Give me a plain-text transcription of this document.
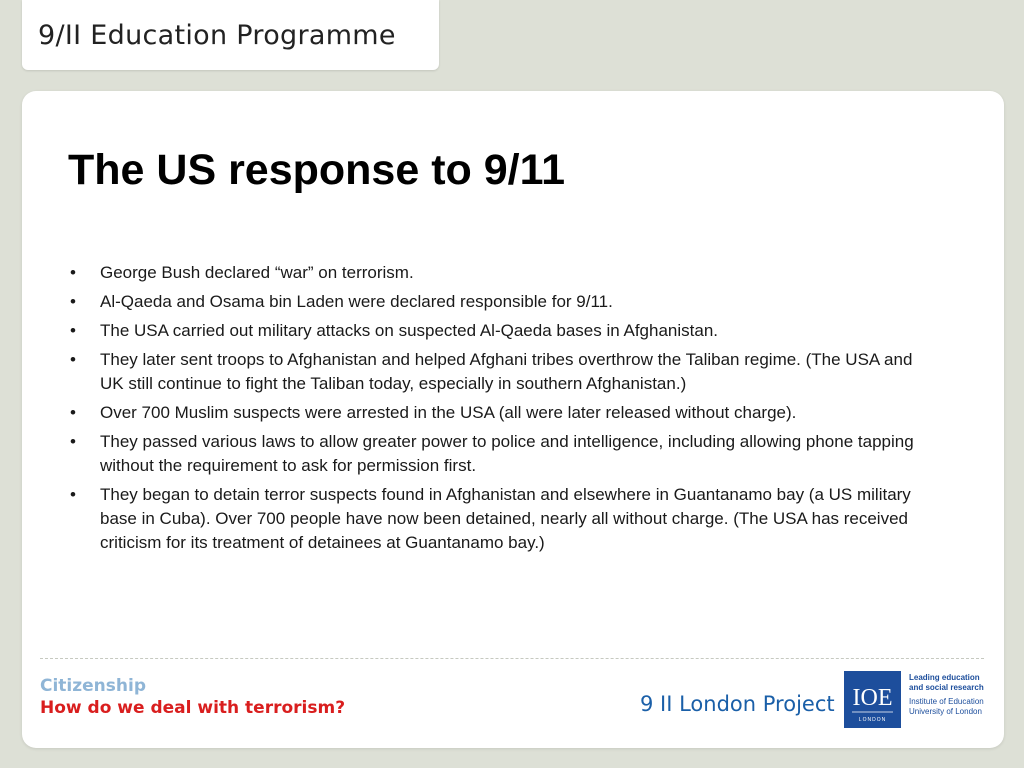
9/II Education Programme
The US response to 9/11
• George Bush declared “war” on terrorism.
• Al-Qaeda and Osama bin Laden were declared responsible for 9/11.
• The USA carried out military attacks on suspected Al-Qaeda bases in Afghanistan.
• They later sent troops to Afghanistan and helped Afghani tribes overthrow the Taliban regime. (The USA and UK still continue to fight the Taliban today, especially in southern Afghanistan.)
• Over 700 Muslim suspects were arrested in the USA (all were later released without charge).
• They passed various laws to allow greater power to police and intelligence, including allowing phone tapping without the requirement to ask for permission first.
• They began to detain terror suspects found in Afghanistan and elsewhere in Guantanamo bay (a US military base in Cuba). Over 700 people have now been detained, nearly all without charge. (The USA has received criticism for its treatment of detainees at Guantanamo bay.)
Citizenship
How do we deal with terrorism?	9 II London Project IOE
LONDON
Leading education
and social research
Institute of Education
University of London
